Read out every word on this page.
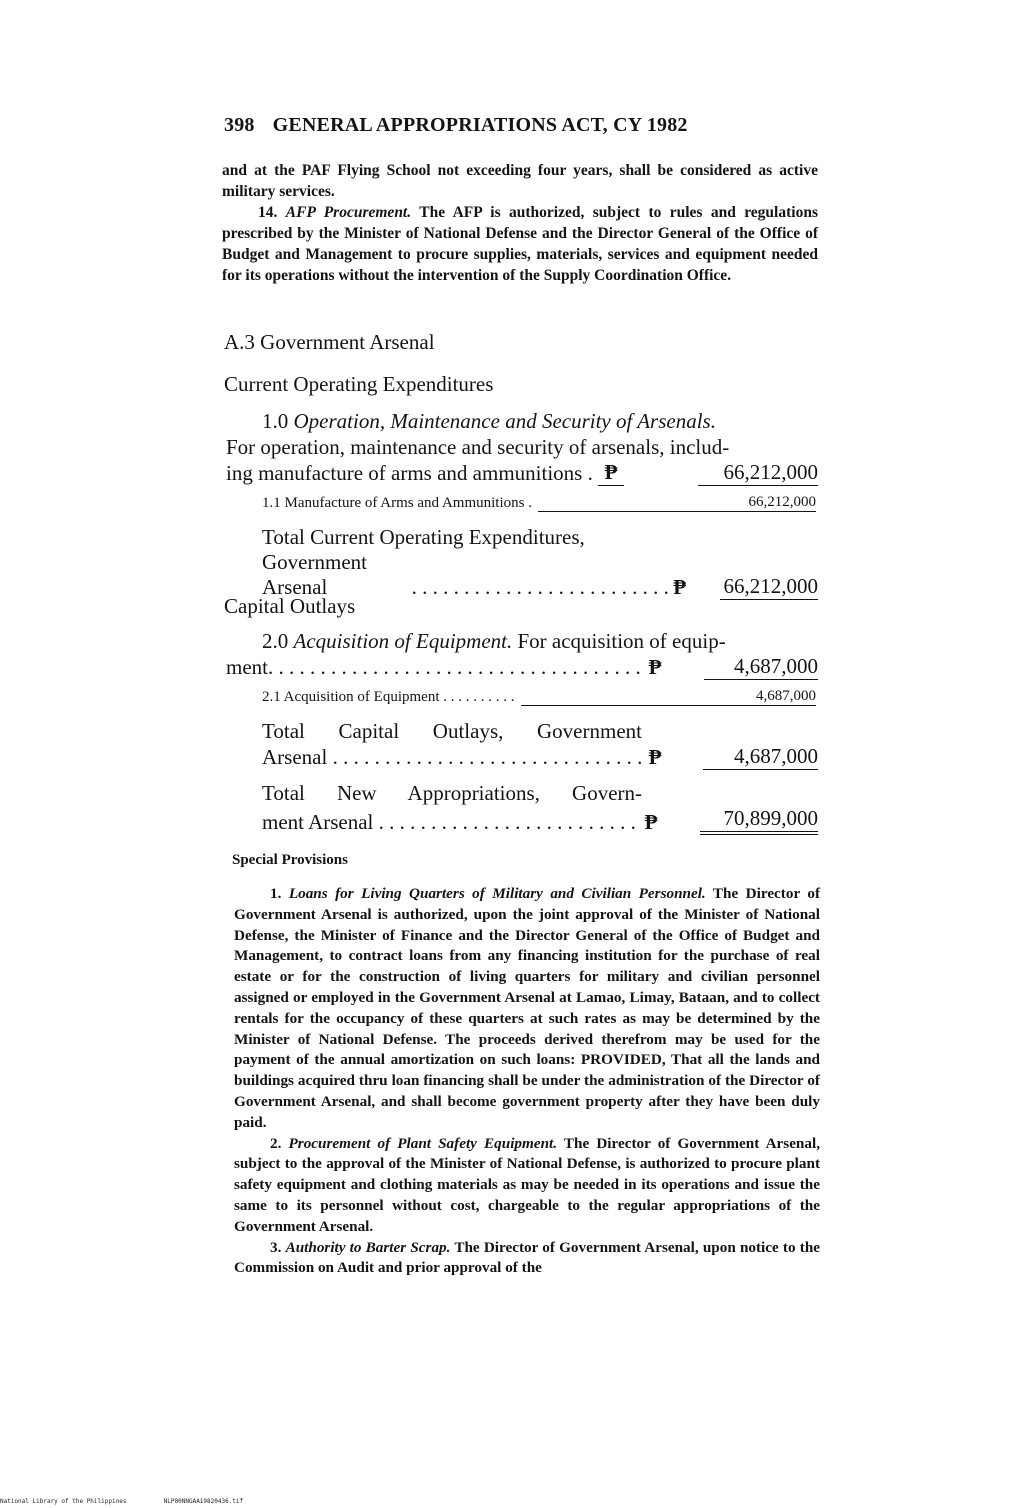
398 GENERAL APPROPRIATIONS ACT, CY 1982

and at the PAF Flying School not exceeding four years, shall be considered as active military services.

14. AFP Procurement. The AFP is authorized, subject to rules and regulations prescribed by the Minister of National Defense and the Director General of the Office of Budget and Management to procure supplies, materials, services and equipment needed for its operations without the intervention of the Supply Coordination Office.

A.3 Government Arsenal
Current Operating Expenditures
1.0 Operation, Maintenance and Security of Arsenals.
For operation, maintenance and security of arsenals, includ-
ing manufacture of arms and ammunitions . ₱	66,212,000
1.1 Manufacture of Arms and Ammunitions .	66,212,000
Total Current Operating Expenditures,
Government Arsenal	. . . . . . . . . . . . . . . . . . . . . . . . . ₱ 66,212,000
Capital Outlays
2.0 Acquisition of Equipment. For acquisition of equip-
ment . . . . . . . . . . . . . . . . . . . . . . . . . . . . . . . . . . . . ₱	4,687,000
2.1 Acquisition of Equipment . . . . . . . . . .	4,687,000
Total Capital Outlays, Government
Arsenal . . . . . . . . . . . . . . . . . . . . . . . . . . . . . . ₱	4,687,000
Total New Appropriations, Govern-
ment Arsenal . . . . . . . . . . . . . . . . . . . . . . . . . ₱	70,899,000
Special Provisions

1. Loans for Living Quarters of Military and Civilian Personnel. The Director of Government Arsenal is authorized, upon the joint approval of the Minister of National Defense, the Minister of Finance and the Director General of the Office of Budget and Management, to contract loans from any financing institution for the purchase of real estate or for the construction of living quarters for military and civilian personnel assigned or employed in the Government Arsenal at Lamao, Limay, Bataan, and to collect rentals for the occupancy of these quarters at such rates as may be determined by the Minister of National Defense. The proceeds derived therefrom may be used for the payment of the annual amortization on such loans: PROVIDED, That all the lands and buildings acquired thru loan financing shall be under the administration of the Director of Government Arsenal, and shall become government property after they have been duly paid.

2. Procurement of Plant Safety Equipment. The Director of Government Arsenal, subject to the approval of the Minister of National Defense, is authorized to procure plant safety equipment and clothing materials as may be needed in its operations and issue the same to its personnel without cost, chargeable to the regular appropriations of the Government Arsenal.

3. Authority to Barter Scrap. The Director of Government Arsenal, upon notice to the Commission on Audit and prior approval of the

National Library of the Philippines	NLP00NNGAA19820436.tif
